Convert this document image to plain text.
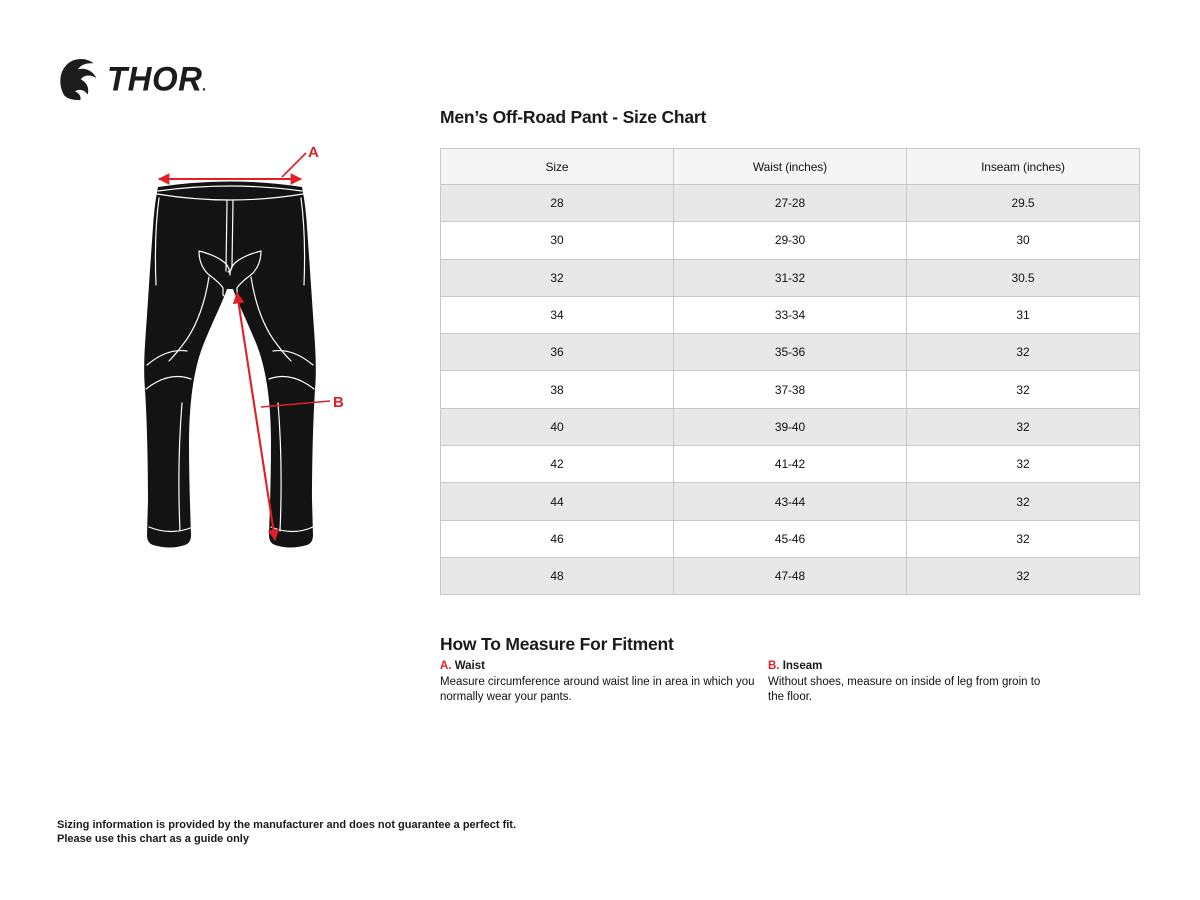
THOR.
A
B
Men’s Off-Road Pant - Size Chart
Size	Waist (inches)	Inseam (inches)
28	27-28	29.5
30	29-30	30
32	31-32	30.5
34	33-34	31
36	35-36	32
38	37-38	32
40	39-40	32
42	41-42	32
44	43-44	32
46	45-46	32
48	47-48	32
How To Measure For Fitment
A. Waist
Measure circumference around waist line in area in which you normally wear your pants.
B. Inseam
Without shoes, measure on inside of leg from groin to the floor.
Sizing information is provided by the manufacturer and does not guarantee a perfect fit.
Please use this chart as a guide only
